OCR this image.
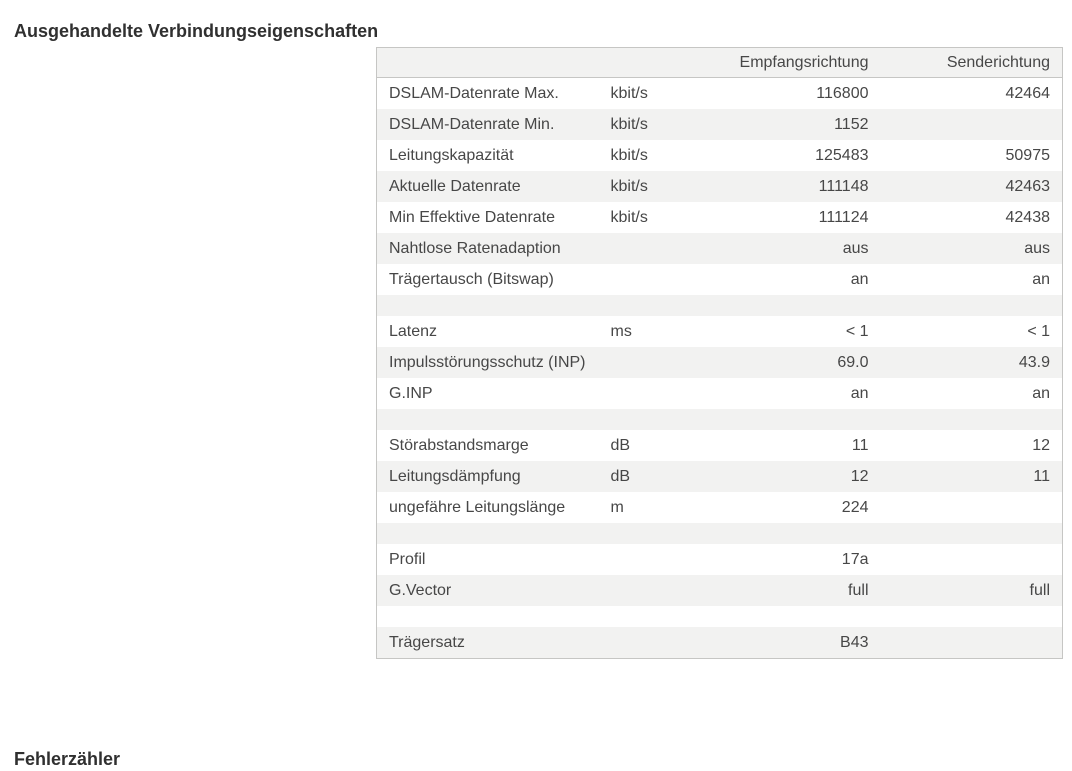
Ausgehandelte Verbindungseigenschaften
		Empfangsrichtung	Senderichtung
DSLAM-Datenrate Max.	kbit/s	116800	42464
DSLAM-Datenrate Min.	kbit/s	1152	
Leitungskapazität	kbit/s	125483	50975
Aktuelle Datenrate	kbit/s	111148	42463
Min Effektive Datenrate	kbit/s	111124	42438
Nahtlose Ratenadaption		aus	aus
Trägertausch (Bitswap)		an	an

Latenz	ms	< 1	< 1
Impulsstörungsschutz (INP)		69.0	43.9
G.INP		an	an

Störabstandsmarge	dB	11	12
Leitungsdämpfung	dB	12	11
ungefähre Leitungslänge	m	224	

Profil		17a	
G.Vector		full	full

Trägersatz		B43	
Fehlerzähler
